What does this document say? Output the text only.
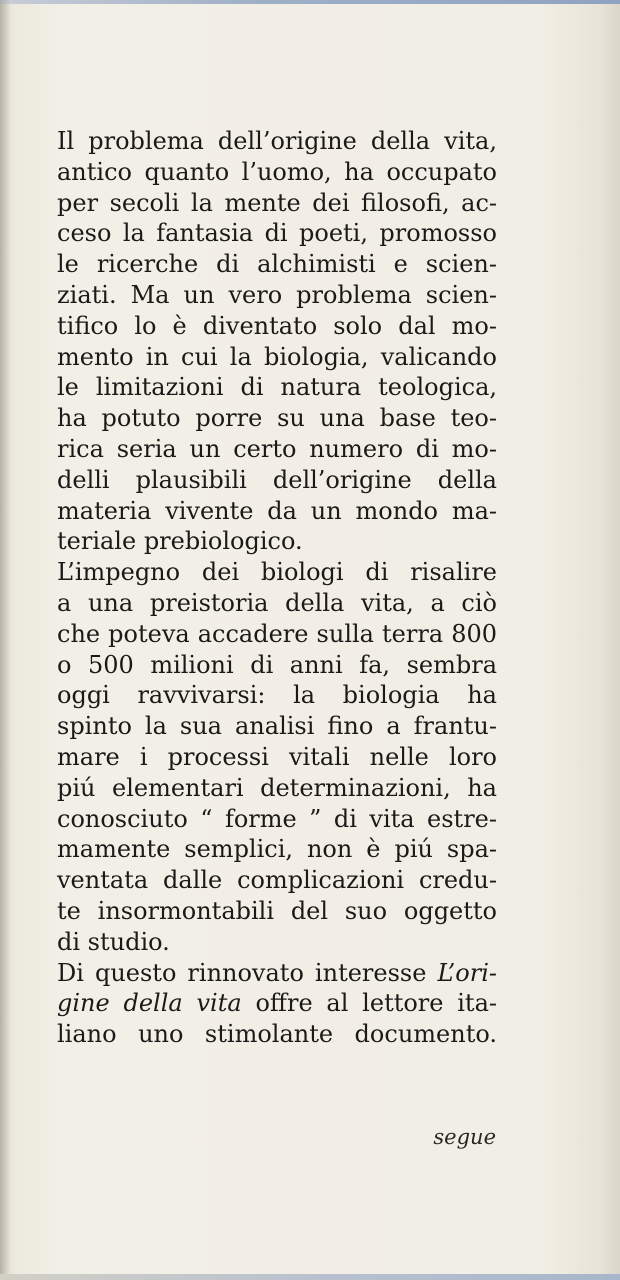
Il problema dell’origine della vita,
antico quanto l’uomo, ha occupato
per secoli la mente dei filosofi, ac-
ceso la fantasia di poeti, promosso
le ricerche di alchimisti e scien-
ziati. Ma un vero problema scien-
tifico lo è diventato solo dal mo-
mento in cui la biologia, valicando
le limitazioni di natura teologica,
ha potuto porre su una base teo-
rica seria un certo numero di mo-
delli plausibili dell’origine della
materia vivente da un mondo ma-
teriale prebiologico.
L’impegno dei biologi di risalire
a una preistoria della vita, a ciò
che poteva accadere sulla terra 800
o 500 milioni di anni fa, sembra
oggi ravvivarsi: la biologia ha
spinto la sua analisi fino a frantu-
mare i processi vitali nelle loro
piú elementari determinazioni, ha
conosciuto “ forme ” di vita estre-
mamente semplici, non è piú spa-
ventata dalle complicazioni credu-
te insormontabili del suo oggetto
di studio.
Di questo rinnovato interesse L’ori-
gine della vita offre al lettore ita-
liano uno stimolante documento.
segue
